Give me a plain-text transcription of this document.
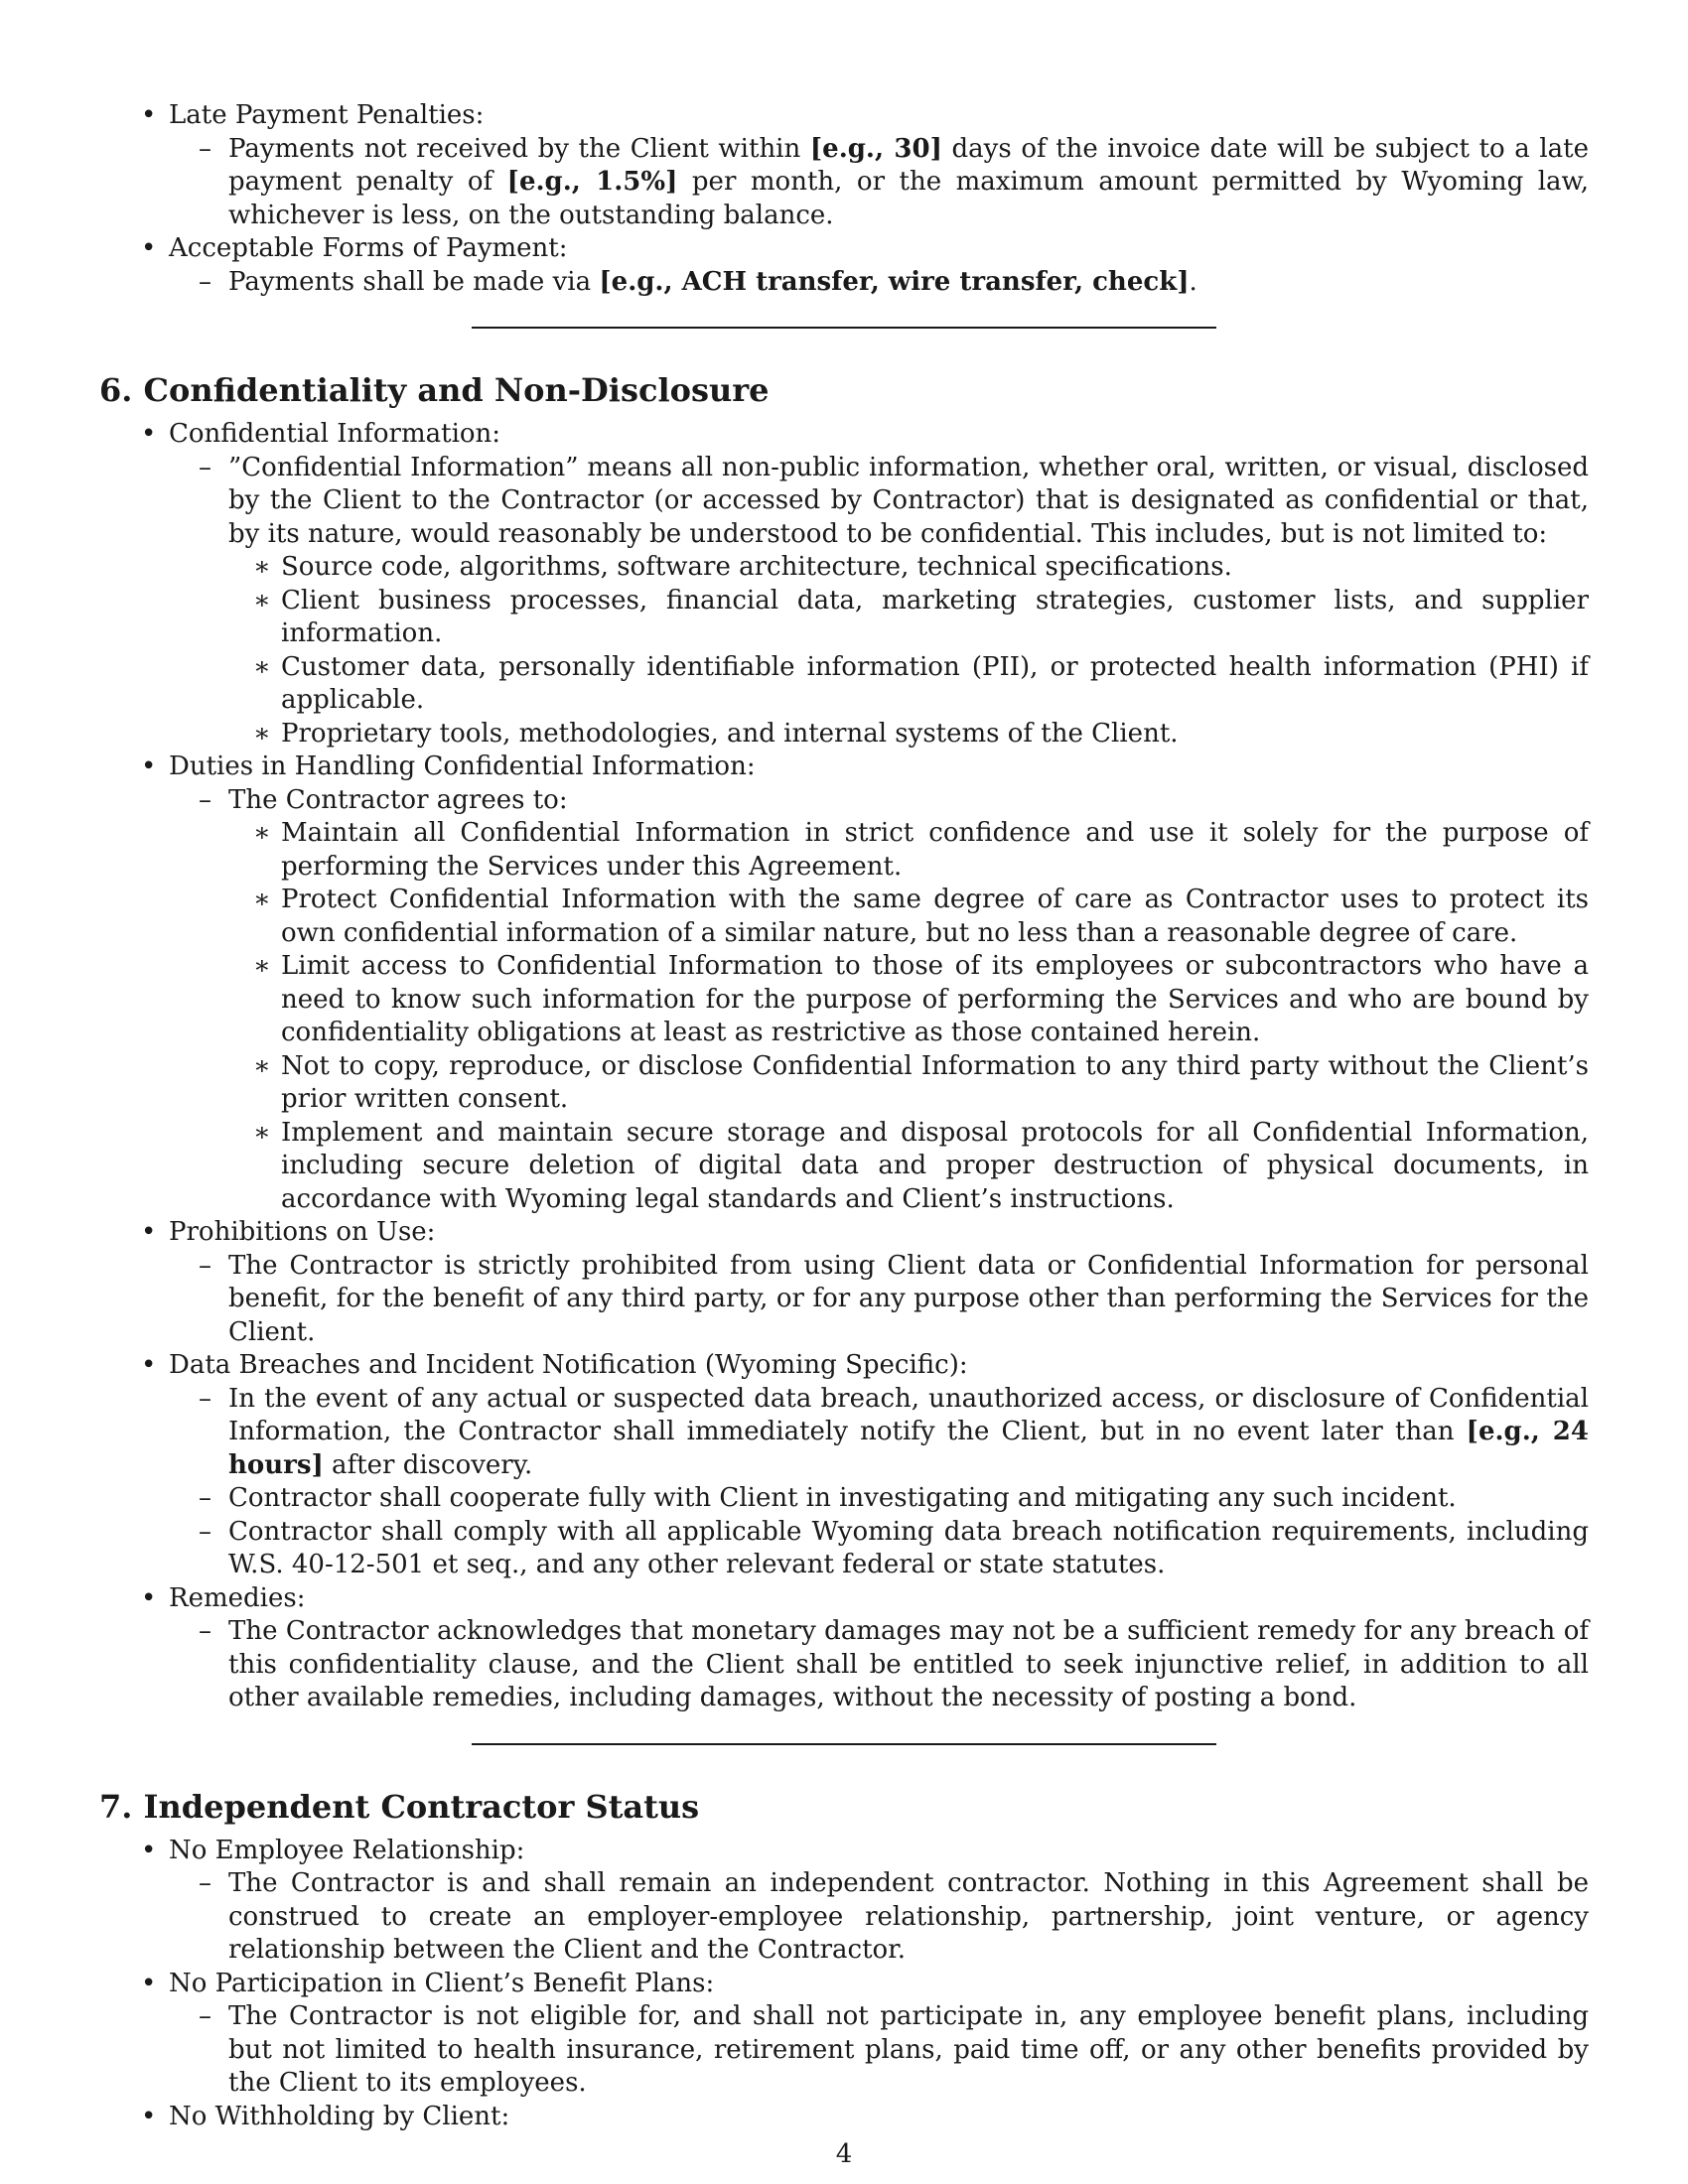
• Late Payment Penalties:
– Payments not received by the Client within [e.g., 30] days of the invoice date will be subject to a late payment penalty of [e.g., 1.5%] per month, or the maximum amount permitted by Wyoming law, whichever is less, on the outstanding balance.
• Acceptable Forms of Payment:
– Payments shall be made via [e.g., ACH transfer, wire transfer, check].
6. Confidentiality and Non-Disclosure
• Confidential Information:
– ”Confidential Information” means all non-public information, whether oral, written, or visual, disclosed by the Client to the Contractor (or accessed by Contractor) that is designated as confidential or that, by its nature, would reasonably be understood to be confidential. This includes, but is not limited to:
∗ Source code, algorithms, software architecture, technical specifications.
∗ Client business processes, financial data, marketing strategies, customer lists, and supplier information.
∗ Customer data, personally identifiable information (PII), or protected health information (PHI) if applicable.
∗ Proprietary tools, methodologies, and internal systems of the Client.
• Duties in Handling Confidential Information:
– The Contractor agrees to:
∗ Maintain all Confidential Information in strict confidence and use it solely for the purpose of performing the Services under this Agreement.
∗ Protect Confidential Information with the same degree of care as Contractor uses to protect its own confidential information of a similar nature, but no less than a reasonable degree of care.
∗ Limit access to Confidential Information to those of its employees or subcontractors who have a need to know such information for the purpose of performing the Services and who are bound by confidentiality obligations at least as restrictive as those contained herein.
∗ Not to copy, reproduce, or disclose Confidential Information to any third party without the Client’s prior written consent.
∗ Implement and maintain secure storage and disposal protocols for all Confidential Information, including secure deletion of digital data and proper destruction of physical documents, in accordance with Wyoming legal standards and Client’s instructions.
• Prohibitions on Use:
– The Contractor is strictly prohibited from using Client data or Confidential Information for personal benefit, for the benefit of any third party, or for any purpose other than performing the Services for the Client.
• Data Breaches and Incident Notification (Wyoming Specific):
– In the event of any actual or suspected data breach, unauthorized access, or disclosure of Confidential Information, the Contractor shall immediately notify the Client, but in no event later than [e.g., 24 hours] after discovery.
– Contractor shall cooperate fully with Client in investigating and mitigating any such incident.
– Contractor shall comply with all applicable Wyoming data breach notification requirements, including W.S. 40-12-501 et seq., and any other relevant federal or state statutes.
• Remedies:
– The Contractor acknowledges that monetary damages may not be a sufficient remedy for any breach of this confidentiality clause, and the Client shall be entitled to seek injunctive relief, in addition to all other available remedies, including damages, without the necessity of posting a bond.
7. Independent Contractor Status
• No Employee Relationship:
– The Contractor is and shall remain an independent contractor. Nothing in this Agreement shall be construed to create an employer-employee relationship, partnership, joint venture, or agency relationship between the Client and the Contractor.
• No Participation in Client’s Benefit Plans:
– The Contractor is not eligible for, and shall not participate in, any employee benefit plans, including but not limited to health insurance, retirement plans, paid time off, or any other benefits provided by the Client to its employees.
• No Withholding by Client:
4
